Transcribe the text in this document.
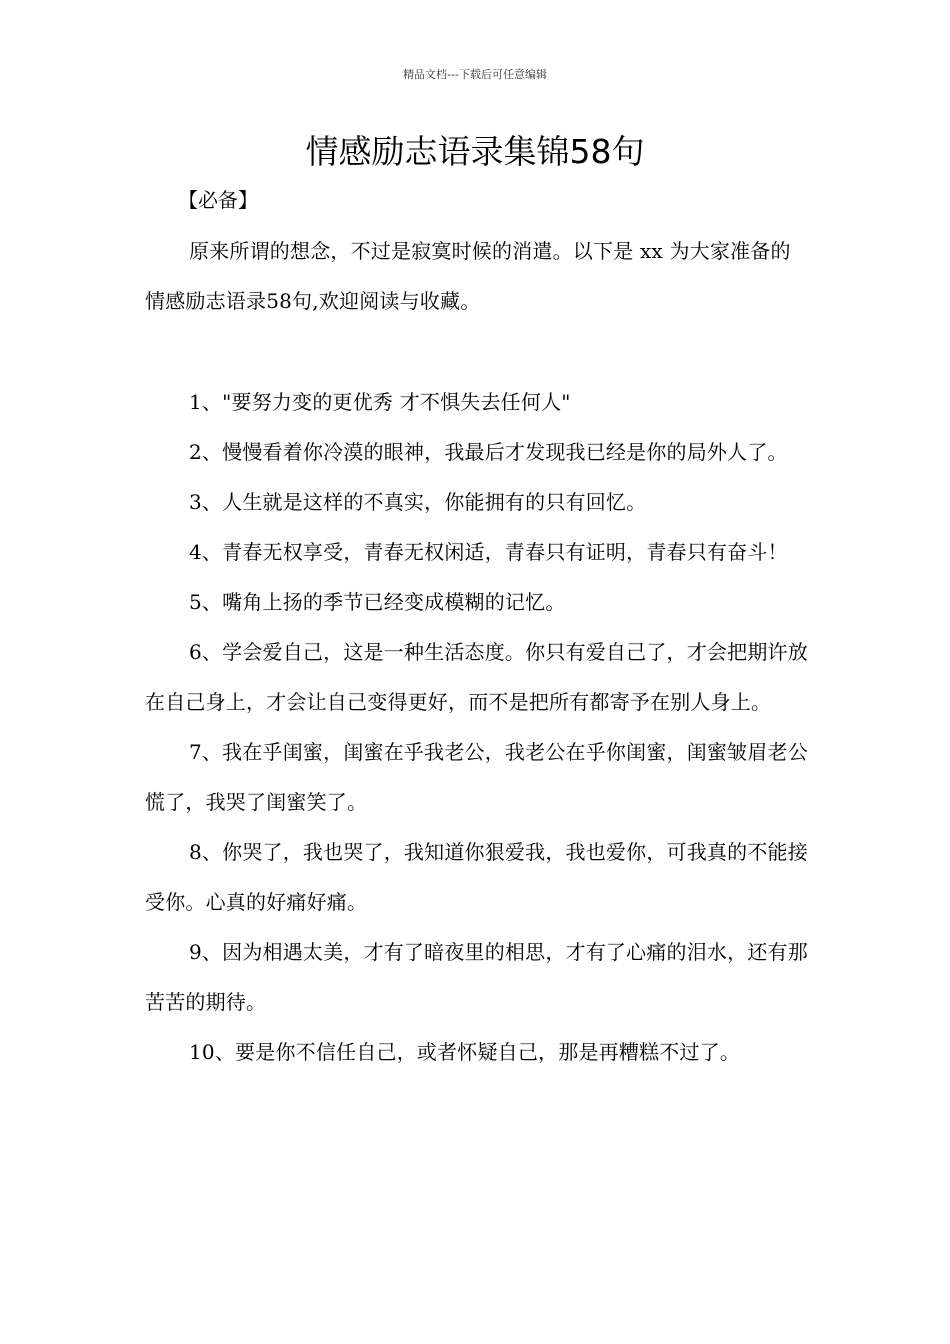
精品文档---下载后可任意编辑
情感励志语录集锦58句
【必备】

原来所谓的想念，不过是寂寞时候的消遣。以下是 xx 为大家准备的情感励志语录58句,欢迎阅读与收藏。

1、"要努力变的更优秀 才不惧失去任何人"

2、慢慢看着你冷漠的眼神，我最后才发现我已经是你的局外人了。

3、人生就是这样的不真实，你能拥有的只有回忆。

4、青春无权享受，青春无权闲适，青春只有证明，青春只有奋斗！

5、嘴角上扬的季节已经变成模糊的记忆。

6、学会爱自己，这是一种生活态度。你只有爱自己了，才会把期许放在自己身上，才会让自己变得更好，而不是把所有都寄予在别人身上。

7、我在乎闺蜜，闺蜜在乎我老公，我老公在乎你闺蜜，闺蜜皱眉老公慌了，我哭了闺蜜笑了。

8、你哭了，我也哭了，我知道你狠爱我，我也爱你，可我真的不能接受你。心真的好痛好痛。

9、因为相遇太美，才有了暗夜里的相思，才有了心痛的泪水，还有那苦苦的期待。

10、要是你不信任自己，或者怀疑自己，那是再糟糕不过了。
